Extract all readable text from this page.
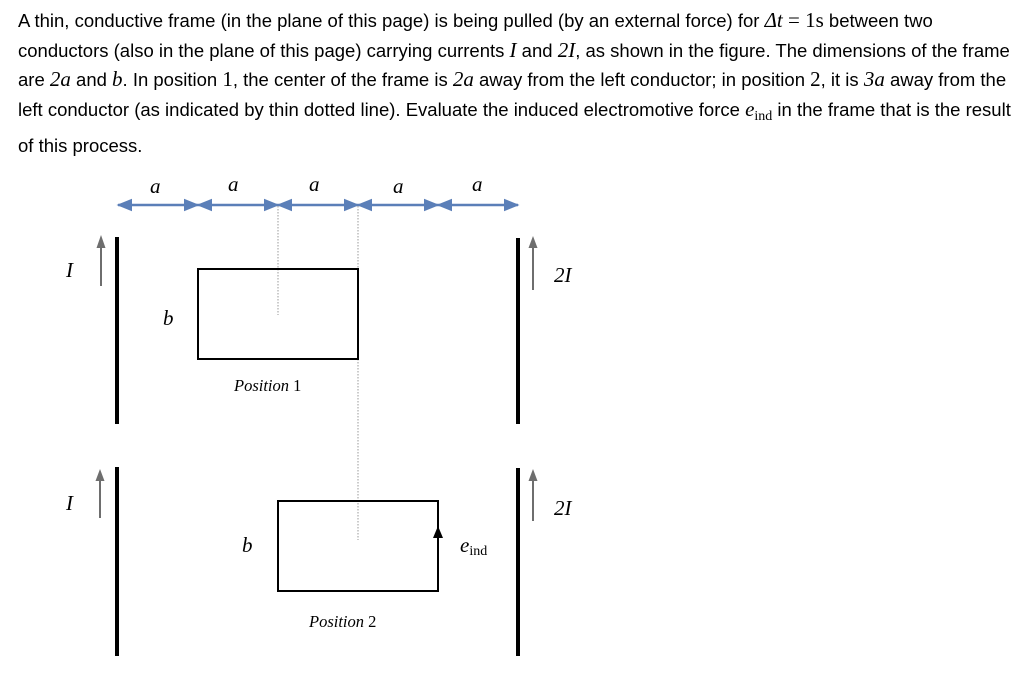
A thin, conductive frame (in the plane of this page) is being pulled (by an external force) for Δt = 1s between two conductors (also in the plane of this page) carrying currents I and 2I, as shown in the figure. The dimensions of the frame are 2a and b. In position 1, the center of the frame is 2a away from the left conductor; in position 2, it is 3a away from the left conductor (as indicated by thin dotted line). Evaluate the induced electromotive force $e_{ind}$ in the frame that is the result of this process.

a	a	a	a	a
I	2I
b
Position 1
I	2I
b	eind
Position 2
